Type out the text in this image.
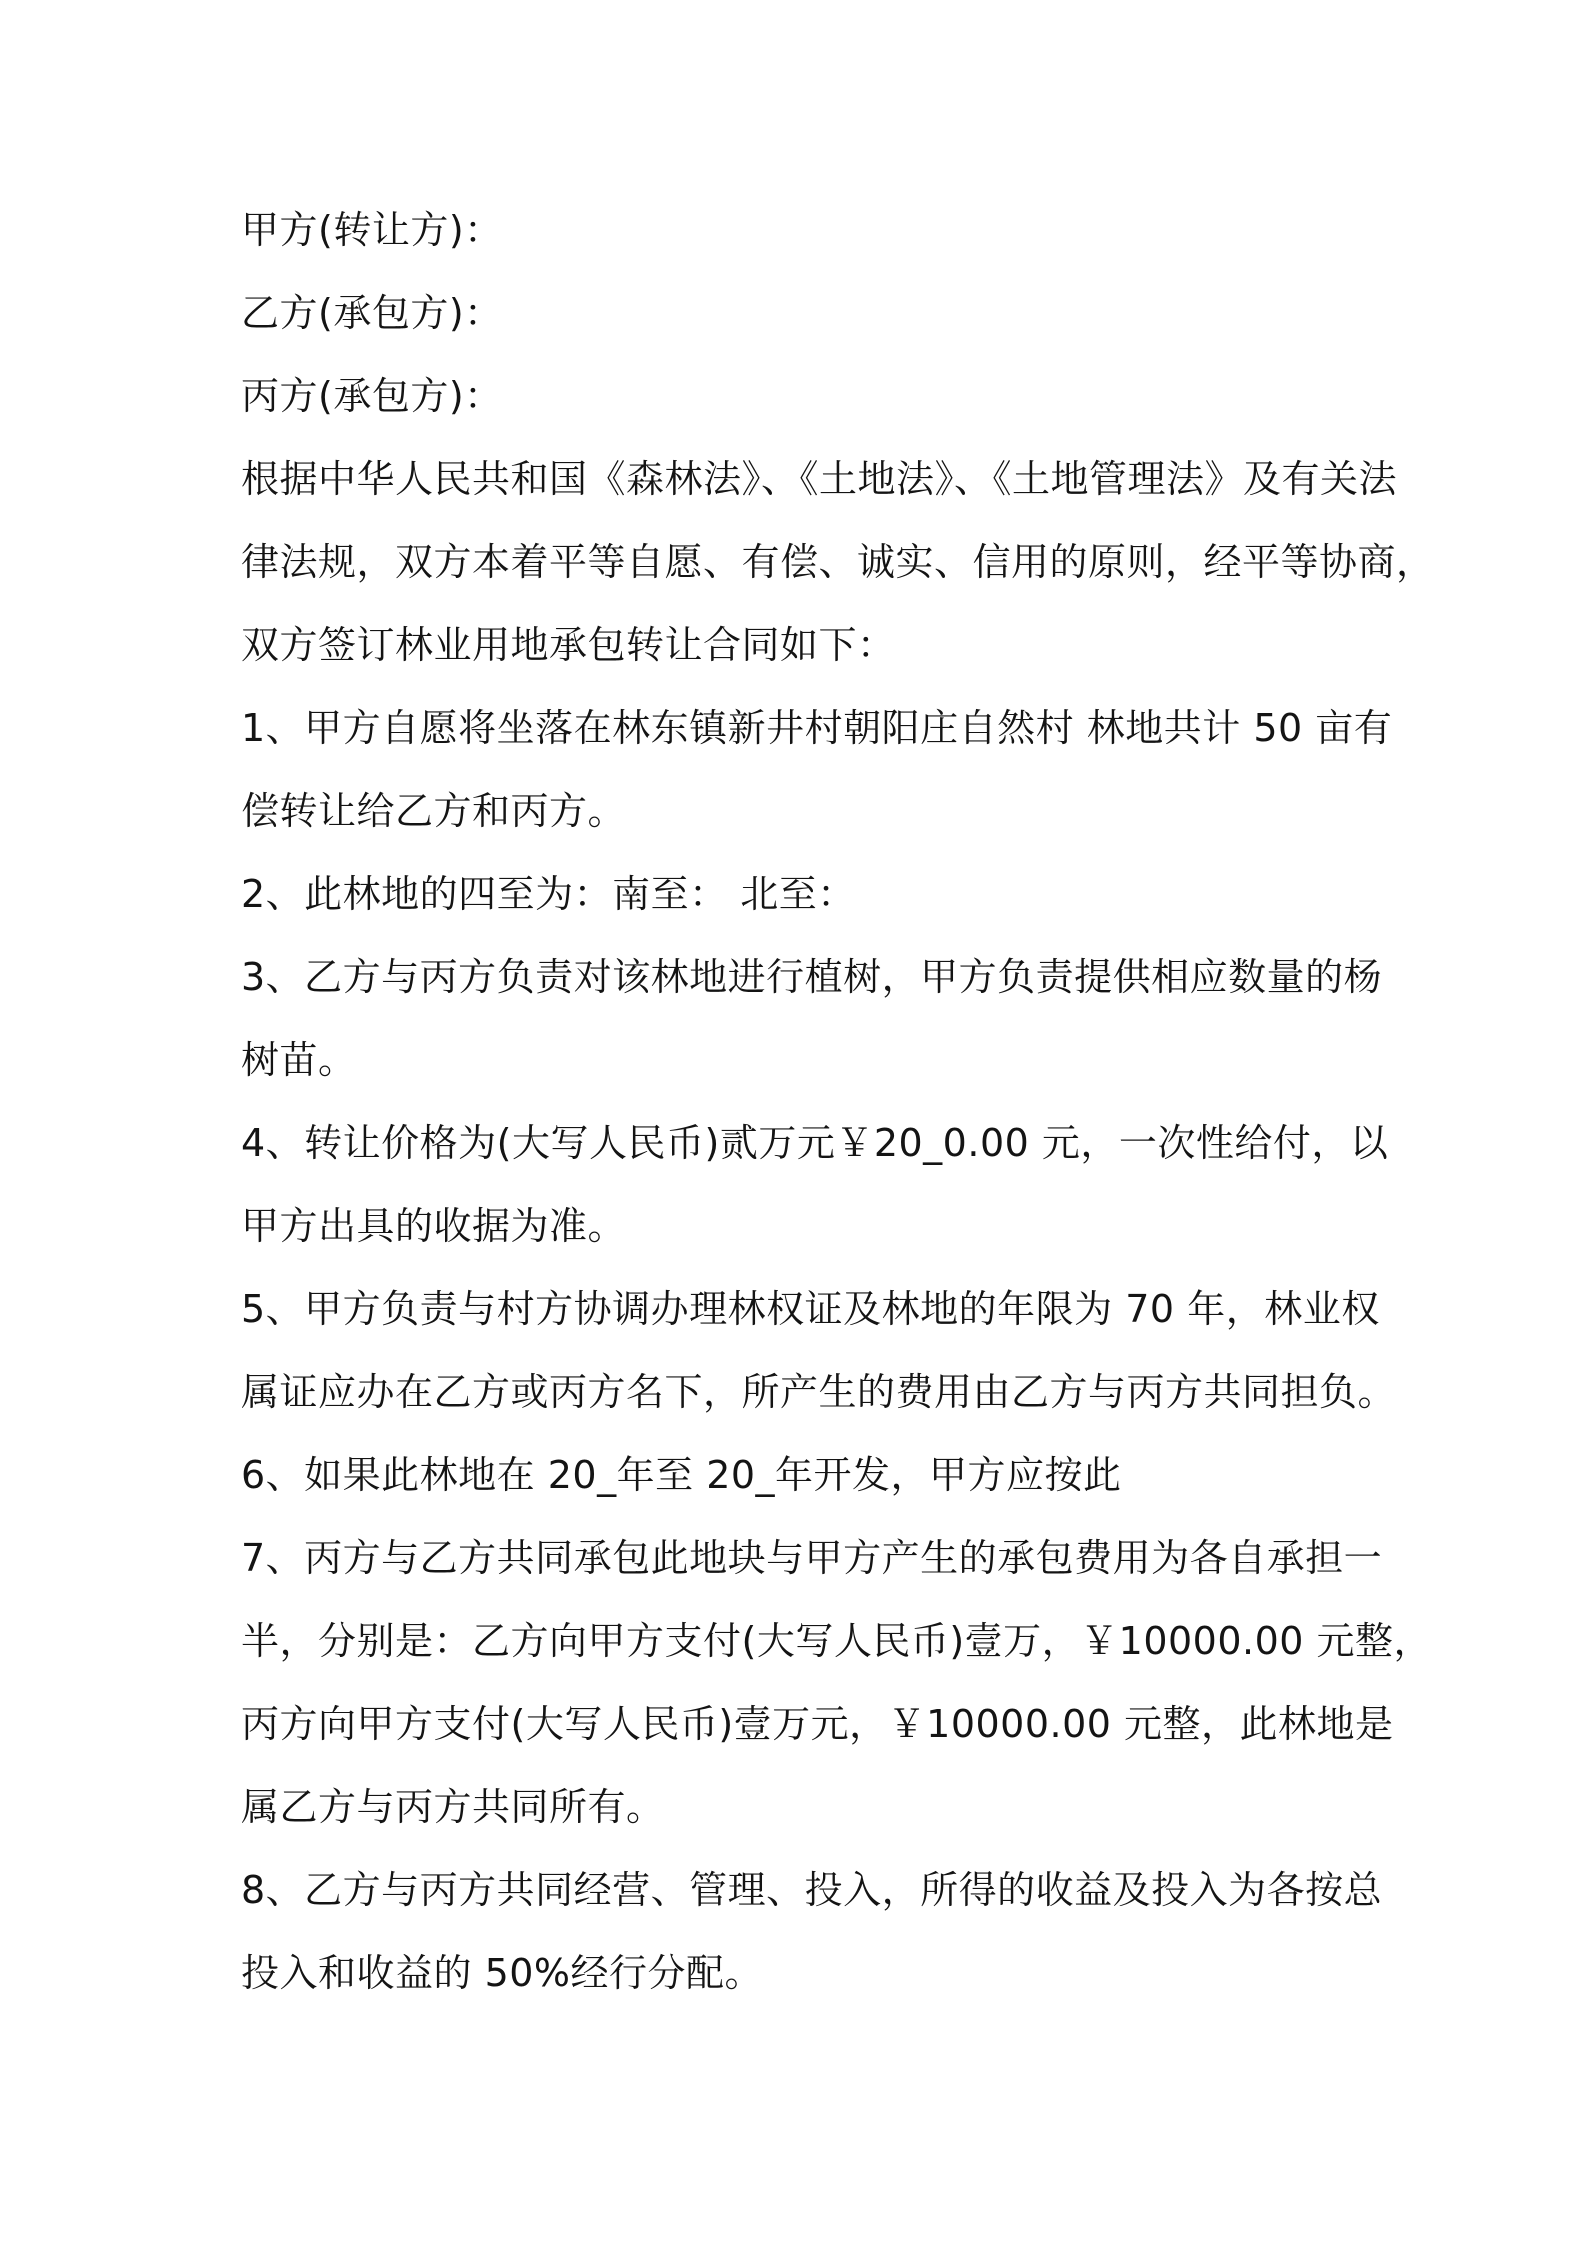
甲方(转让方)：
乙方(承包方)：
丙方(承包方)：
根据中华人民共和国《森林法》、《土地法》、《土地管理法》及有关法
律法规，双方本着平等自愿、有偿、诚实、信用的原则，经平等协商，
双方签订林业用地承包转让合同如下：
1、甲方自愿将坐落在林东镇新井村朝阳庄自然村 林地共计 50 亩有
偿转让给乙方和丙方。
2、此林地的四至为：南至： 北至：
3、乙方与丙方负责对该林地进行植树，甲方负责提供相应数量的杨
树苗。
4、转让价格为(大写人民币)贰万元￥20_0.00 元，一次性给付，以
甲方出具的收据为准。
5、甲方负责与村方协调办理林权证及林地的年限为 70 年，林业权
属证应办在乙方或丙方名下，所产生的费用由乙方与丙方共同担负。
6、如果此林地在 20_年至 20_年开发，甲方应按此
7、丙方与乙方共同承包此地块与甲方产生的承包费用为各自承担一
半，分别是：乙方向甲方支付(大写人民币)壹万，￥10000.00 元整，
丙方向甲方支付(大写人民币)壹万元，￥10000.00 元整，此林地是
属乙方与丙方共同所有。
8、乙方与丙方共同经营、管理、投入，所得的收益及投入为各按总
投入和收益的 50%经行分配。
